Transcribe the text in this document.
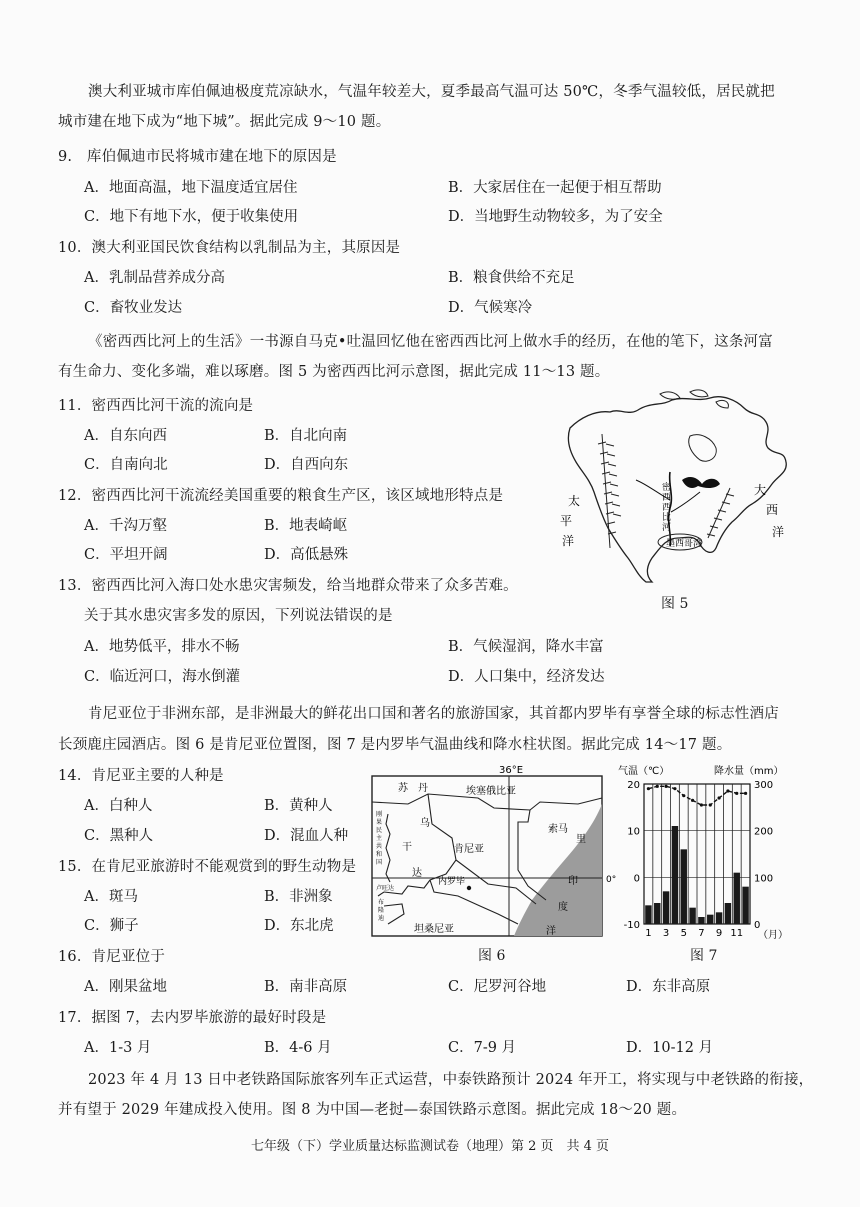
澳大利亚城市库伯佩迪极度荒凉缺水，气温年较差大，夏季最高气温可达 50℃，冬季气温较低，居民就把
城市建在地下成为“地下城”。据此完成 9～10 题。
9.　库伯佩迪市民将城市建在地下的原因是
A．地面高温，地下温度适宜居住	B．大家居住在一起便于相互帮助
C．地下有地下水，便于收集使用	D．当地野生动物较多，为了安全
10．澳大利亚国民饮食结构以乳制品为主，其原因是
A．乳制品营养成分高	B．粮食供给不充足
C．畜牧业发达	D．气候寒冷
《密西西比河上的生活》一书源自马克•吐温回忆他在密西西比河上做水手的经历，在他的笔下，这条河富
有生命力、变化多端，难以琢磨。图 5 为密西西比河示意图，据此完成 11～13 题。
11．密西西比河干流的流向是
A．自东向西	B．自北向南
C．自南向北	D．自西向东
12．密西西比河干流流经美国重要的粮食生产区，该区域地形特点是
A．千沟万壑	B．地表崎岖
C．平坦开阔	D．高低悬殊
13．密西西比河入海口处水患灾害频发，给当地群众带来了众多苦难。
关于其水患灾害多发的原因，下列说法错误的是
A．地势低平，排水不畅	B．气候湿润，降水丰富
C．临近河口，海水倒灌	D．人口集中，经济发达
太
平
洋
大
西
洋
密
西
西
比
河
墨西哥湾
图 5
肯尼亚位于非洲东部，是非洲最大的鲜花出口国和著名的旅游国家，其首都内罗毕有享誉全球的标志性酒店
长颈鹿庄园酒店。图 6 是肯尼亚位置图，图 7 是内罗毕气温曲线和降水柱状图。据此完成 14～17 题。
14．肯尼亚主要的人种是
A．白种人	B．黄种人
C．黑种人	D．混血人种
15．在肯尼亚旅游时不能观赏到的野生动物是
A．斑马	B．非洲象
C．狮子	D．东北虎
36°E
苏　丹	埃塞俄比亚
乌
干
达
肯尼亚
索马
里
印
度
洋
0°
内罗毕
坦桑尼亚
刚
果
民
主
共
和
国
卢 旺 达
布
隆
迪
图 6
气温（℃）	降水量（mm）
20
10
0
-10
300
200
100
0
1 3 5 7 9 11 （月）
图 7
16．肯尼亚位于
A．刚果盆地	B．南非高原	C．尼罗河谷地	D．东非高原
17．据图 7，去内罗毕旅游的最好时段是
A．1-3 月	B．4-6 月	C．7-9 月	D．10-12 月
2023 年 4 月 13 日中老铁路国际旅客列车正式运营，中泰铁路预计 2024 年开工，将实现与中老铁路的衔接，
并有望于 2029 年建成投入使用。图 8 为中国—老挝—泰国铁路示意图。据此完成 18～20 题。
七年级（下）学业质量达标监测试卷（地理）第 2 页　共 4 页
